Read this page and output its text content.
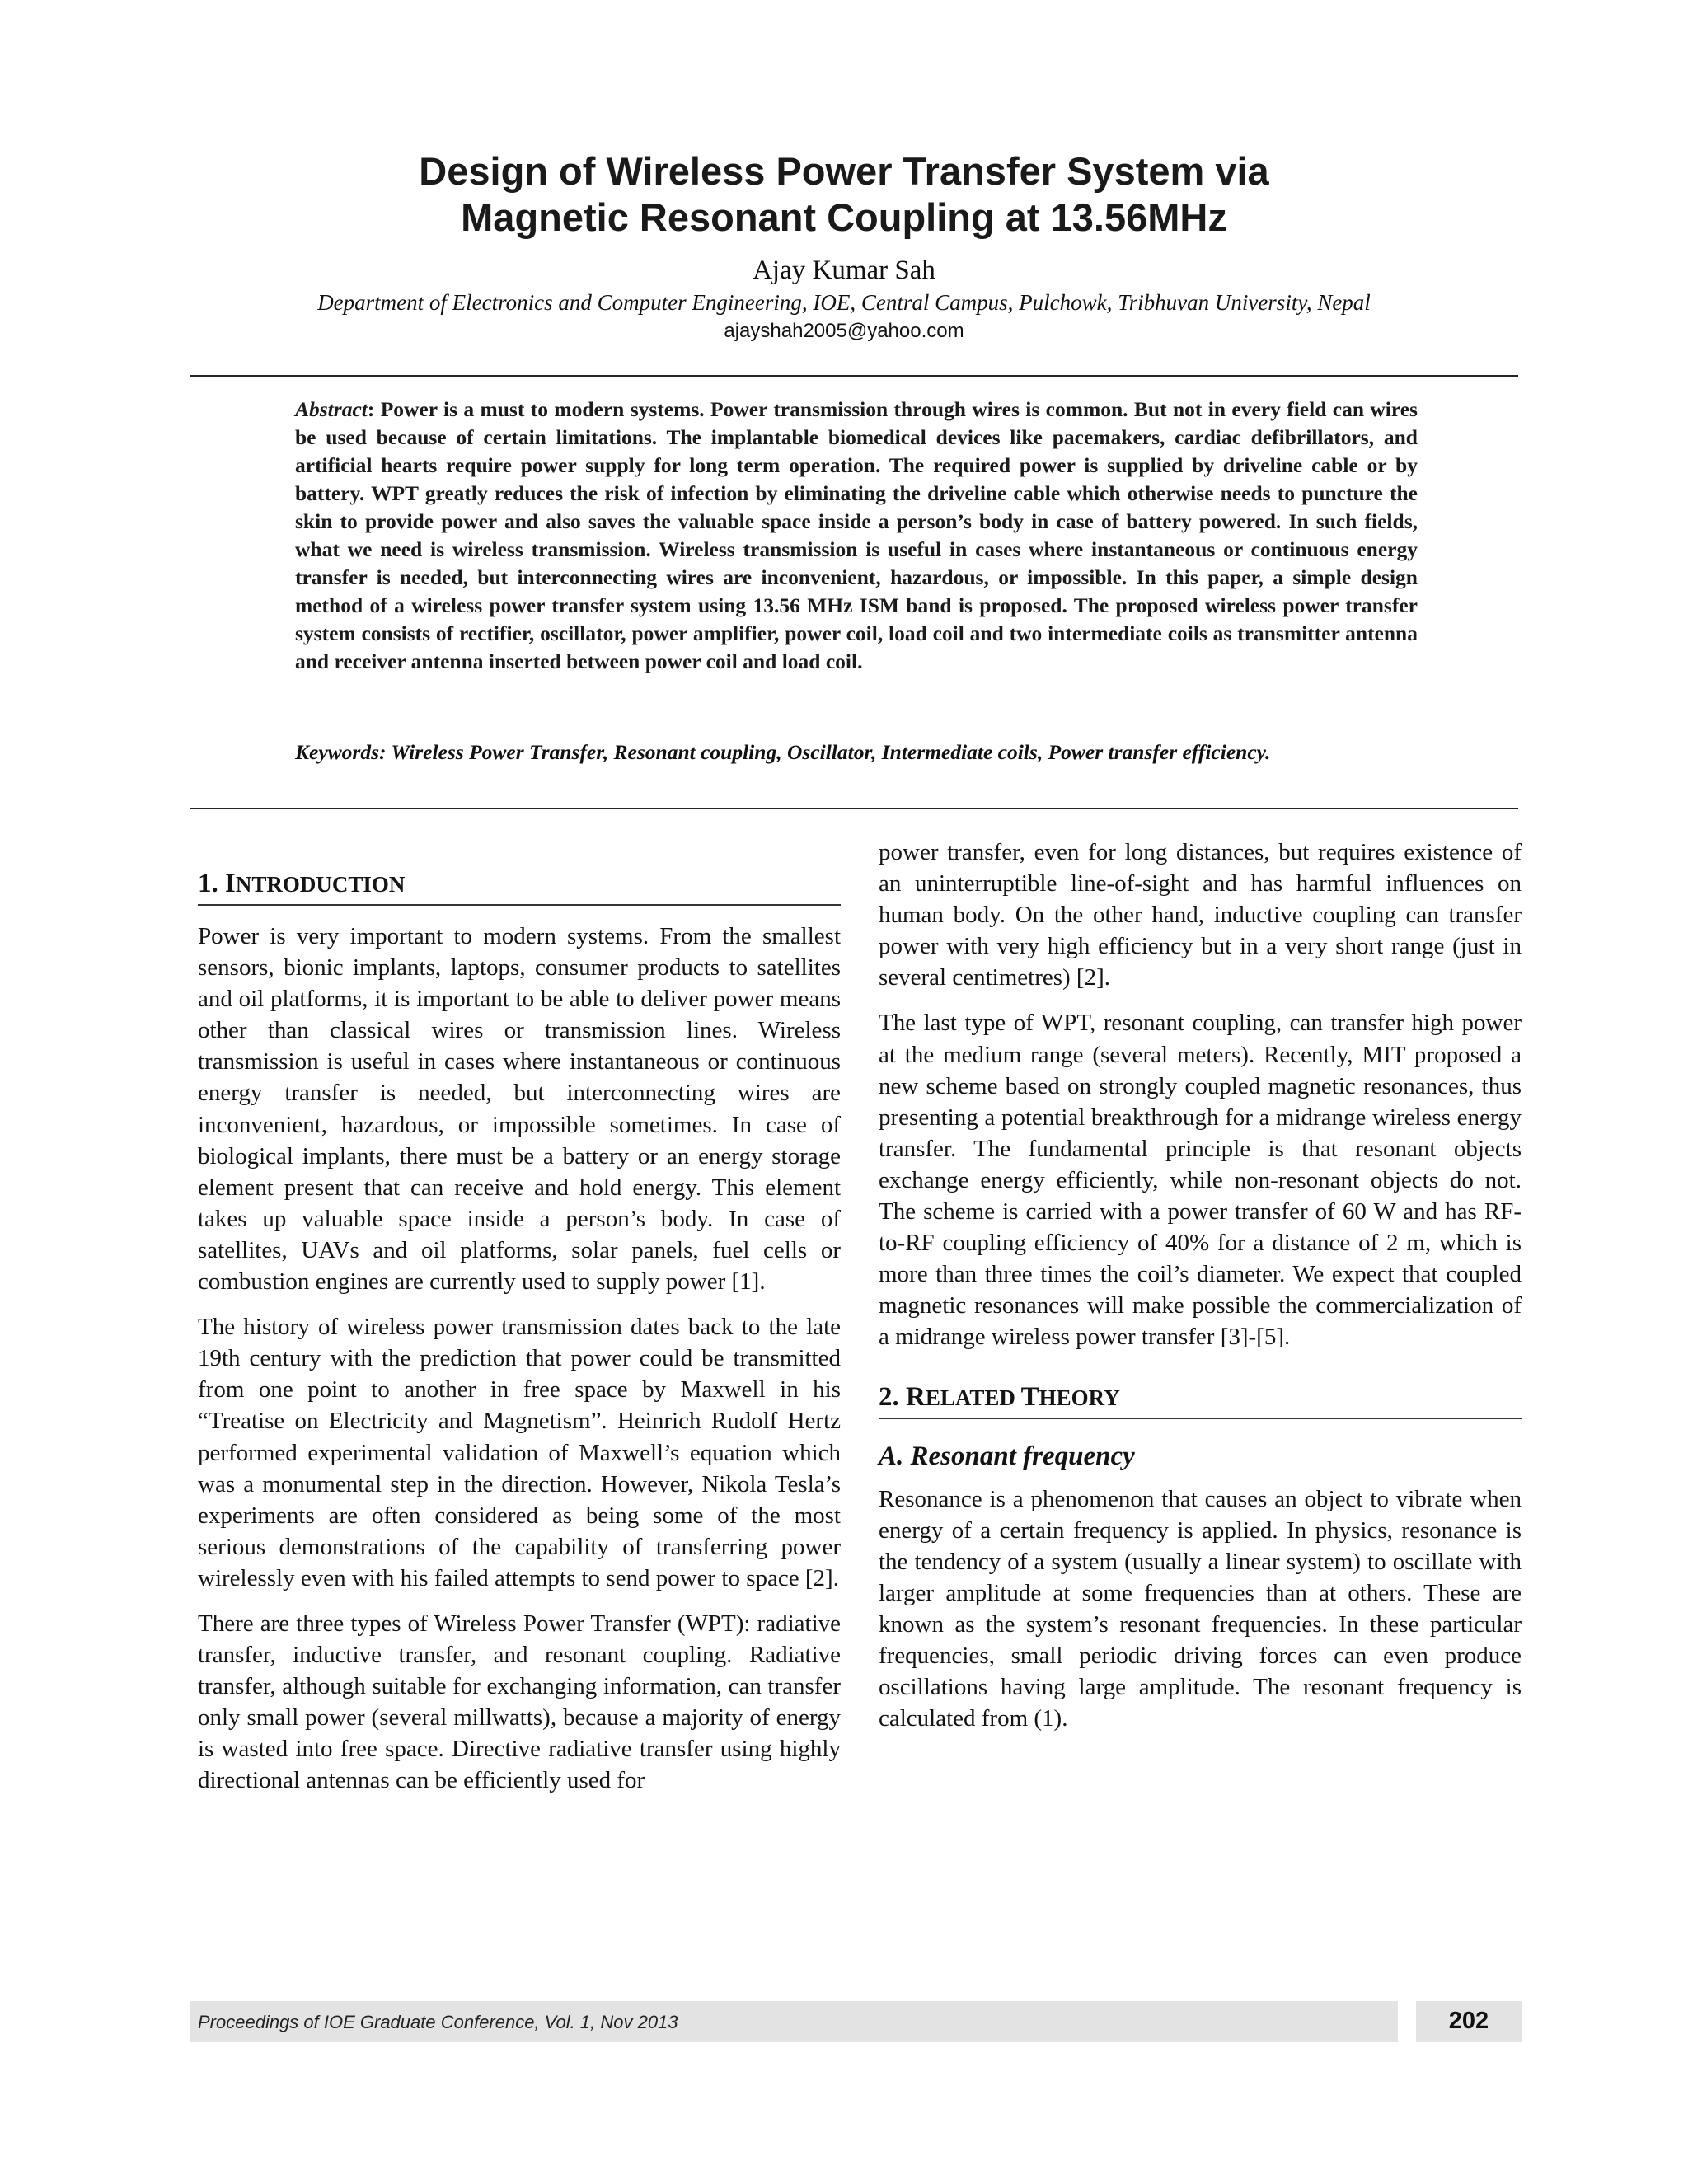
Design of Wireless Power Transfer System via
Magnetic Resonant Coupling at 13.56MHz
Ajay Kumar Sah
Department of Electronics and Computer Engineering, IOE, Central Campus, Pulchowk, Tribhuvan University, Nepal
ajayshah2005@yahoo.com
Abstract: Power is a must to modern systems. Power transmission through wires is common. But not in every field can wires be used because of certain limitations. The implantable biomedical devices like pacemakers, cardiac defibrillators, and artificial hearts require power supply for long term operation. The required power is supplied by driveline cable or by battery. WPT greatly reduces the risk of infection by eliminating the driveline cable which otherwise needs to puncture the skin to provide power and also saves the valuable space inside a person’s body in case of battery powered. In such fields, what we need is wireless transmission. Wireless transmission is useful in cases where instantaneous or continuous energy transfer is needed, but interconnecting wires are inconvenient, hazardous, or impossible. In this paper, a simple design method of a wireless power transfer system using 13.56 MHz ISM band is proposed. The proposed wireless power transfer system consists of rectifier, oscillator, power amplifier, power coil, load coil and two intermediate coils as transmitter antenna and receiver antenna inserted between power coil and load coil.
Keywords: Wireless Power Transfer, Resonant coupling, Oscillator, Intermediate coils, Power transfer efficiency.
1. INTRODUCTION

Power is very important to modern systems. From the smallest sensors, bionic implants, laptops, consumer products to satellites and oil platforms, it is important to be able to deliver power means other than classical wires or transmission lines. Wireless transmission is useful in cases where instantaneous or continuous energy transfer is needed, but interconnecting wires are inconvenient, hazardous, or impossible sometimes. In case of biological implants, there must be a battery or an energy storage element present that can receive and hold energy. This element takes up valuable space inside a person’s body. In case of satellites, UAVs and oil platforms, solar panels, fuel cells or combustion engines are currently used to supply power [1].

The history of wireless power transmission dates back to the late 19th century with the prediction that power could be transmitted from one point to another in free space by Maxwell in his “Treatise on Electricity and Magnetism”. Heinrich Rudolf Hertz performed experimental validation of Maxwell’s equation which was a monumental step in the direction. However, Nikola Tesla’s experiments are often considered as being some of the most serious demonstrations of the capability of transferring power wirelessly even with his failed attempts to send power to space [2].

There are three types of Wireless Power Transfer (WPT): radiative transfer, inductive transfer, and resonant coupling. Radiative transfer, although suitable for exchanging information, can transfer only small power (several millwatts), because a majority of energy is wasted into free space. Directive radiative transfer using highly directional antennas can be efficiently used for

power transfer, even for long distances, but requires existence of an uninterruptible line-of-sight and has harmful influences on human body. On the other hand, inductive coupling can transfer power with very high efficiency but in a very short range (just in several centimetres) [2].

The last type of WPT, resonant coupling, can transfer high power at the medium range (several meters). Recently, MIT proposed a new scheme based on strongly coupled magnetic resonances, thus presenting a potential breakthrough for a midrange wireless energy transfer. The fundamental principle is that resonant objects exchange energy efficiently, while non-resonant objects do not. The scheme is carried with a power transfer of 60 W and has RF-to-RF coupling efficiency of 40% for a distance of 2 m, which is more than three times the coil’s diameter. We expect that coupled magnetic resonances will make possible the commercialization of a midrange wireless power transfer [3]-[5].

2. RELATED THEORY
A. Resonant frequency

Resonance is a phenomenon that causes an object to vibrate when energy of a certain frequency is applied. In physics, resonance is the tendency of a system (usually a linear system) to oscillate with larger amplitude at some frequencies than at others. These are known as the system’s resonant frequencies. In these particular frequencies, small periodic driving forces can even produce oscillations having large amplitude. The resonant frequency is calculated from (1).

Proceedings of IOE Graduate Conference, Vol. 1, Nov 2013	202
